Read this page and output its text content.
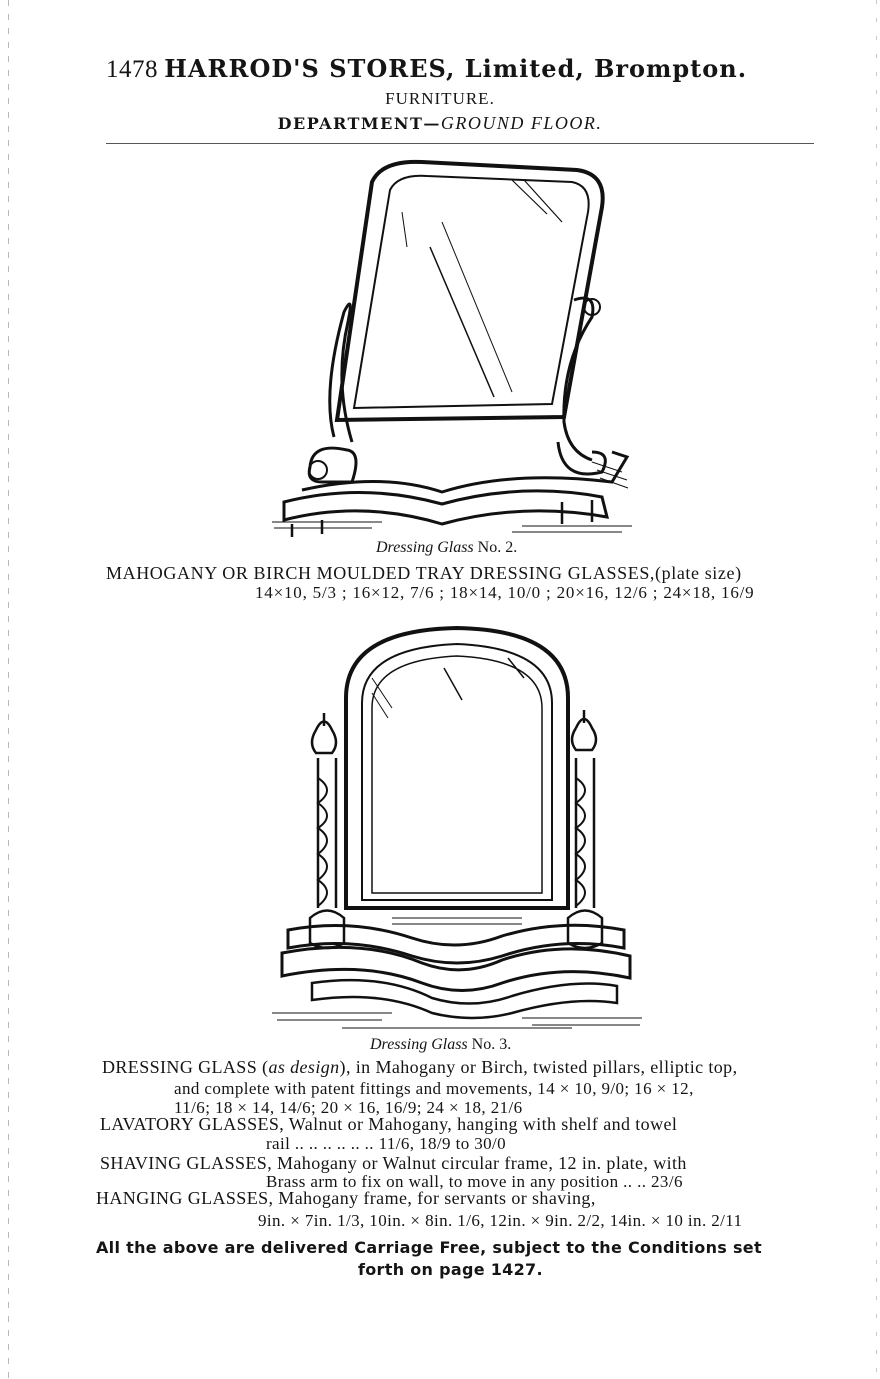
1478 HARROD'S STORES, Limited, Brompton.
FURNITURE.
DEPARTMENT—GROUND FLOOR.
Dressing Glass No. 2.
MAHOGANY OR BIRCH MOULDED TRAY DRESSING GLASSES,(plate size)
14×10, 5/3 ; 16×12, 7/6 ; 18×14, 10/0 ; 20×16, 12/6 ; 24×18, 16/9
Dressing Glass No. 3.
DRESSING GLASS (as design), in Mahogany or Birch, twisted pillars, elliptic top,
and complete with patent fittings and movements, 14 × 10, 9/0; 16 × 12,
11/6; 18 × 14, 14/6; 20 × 16, 16/9; 24 × 18, 21/6
LAVATORY GLASSES, Walnut or Mahogany, hanging with shelf and towel
rail .. .. .. .. .. .. 11/6, 18/9 to 30/0
SHAVING GLASSES, Mahogany or Walnut circular frame, 12 in. plate, with
Brass arm to fix on wall, to move in any position .. .. 23/6
HANGING GLASSES, Mahogany frame, for servants or shaving,
9in. × 7in. 1/3, 10in. × 8in. 1/6, 12in. × 9in. 2/2, 14in. × 10 in. 2/11
All the above are delivered Carriage Free, subject to the Conditions set
forth on page 1427.
